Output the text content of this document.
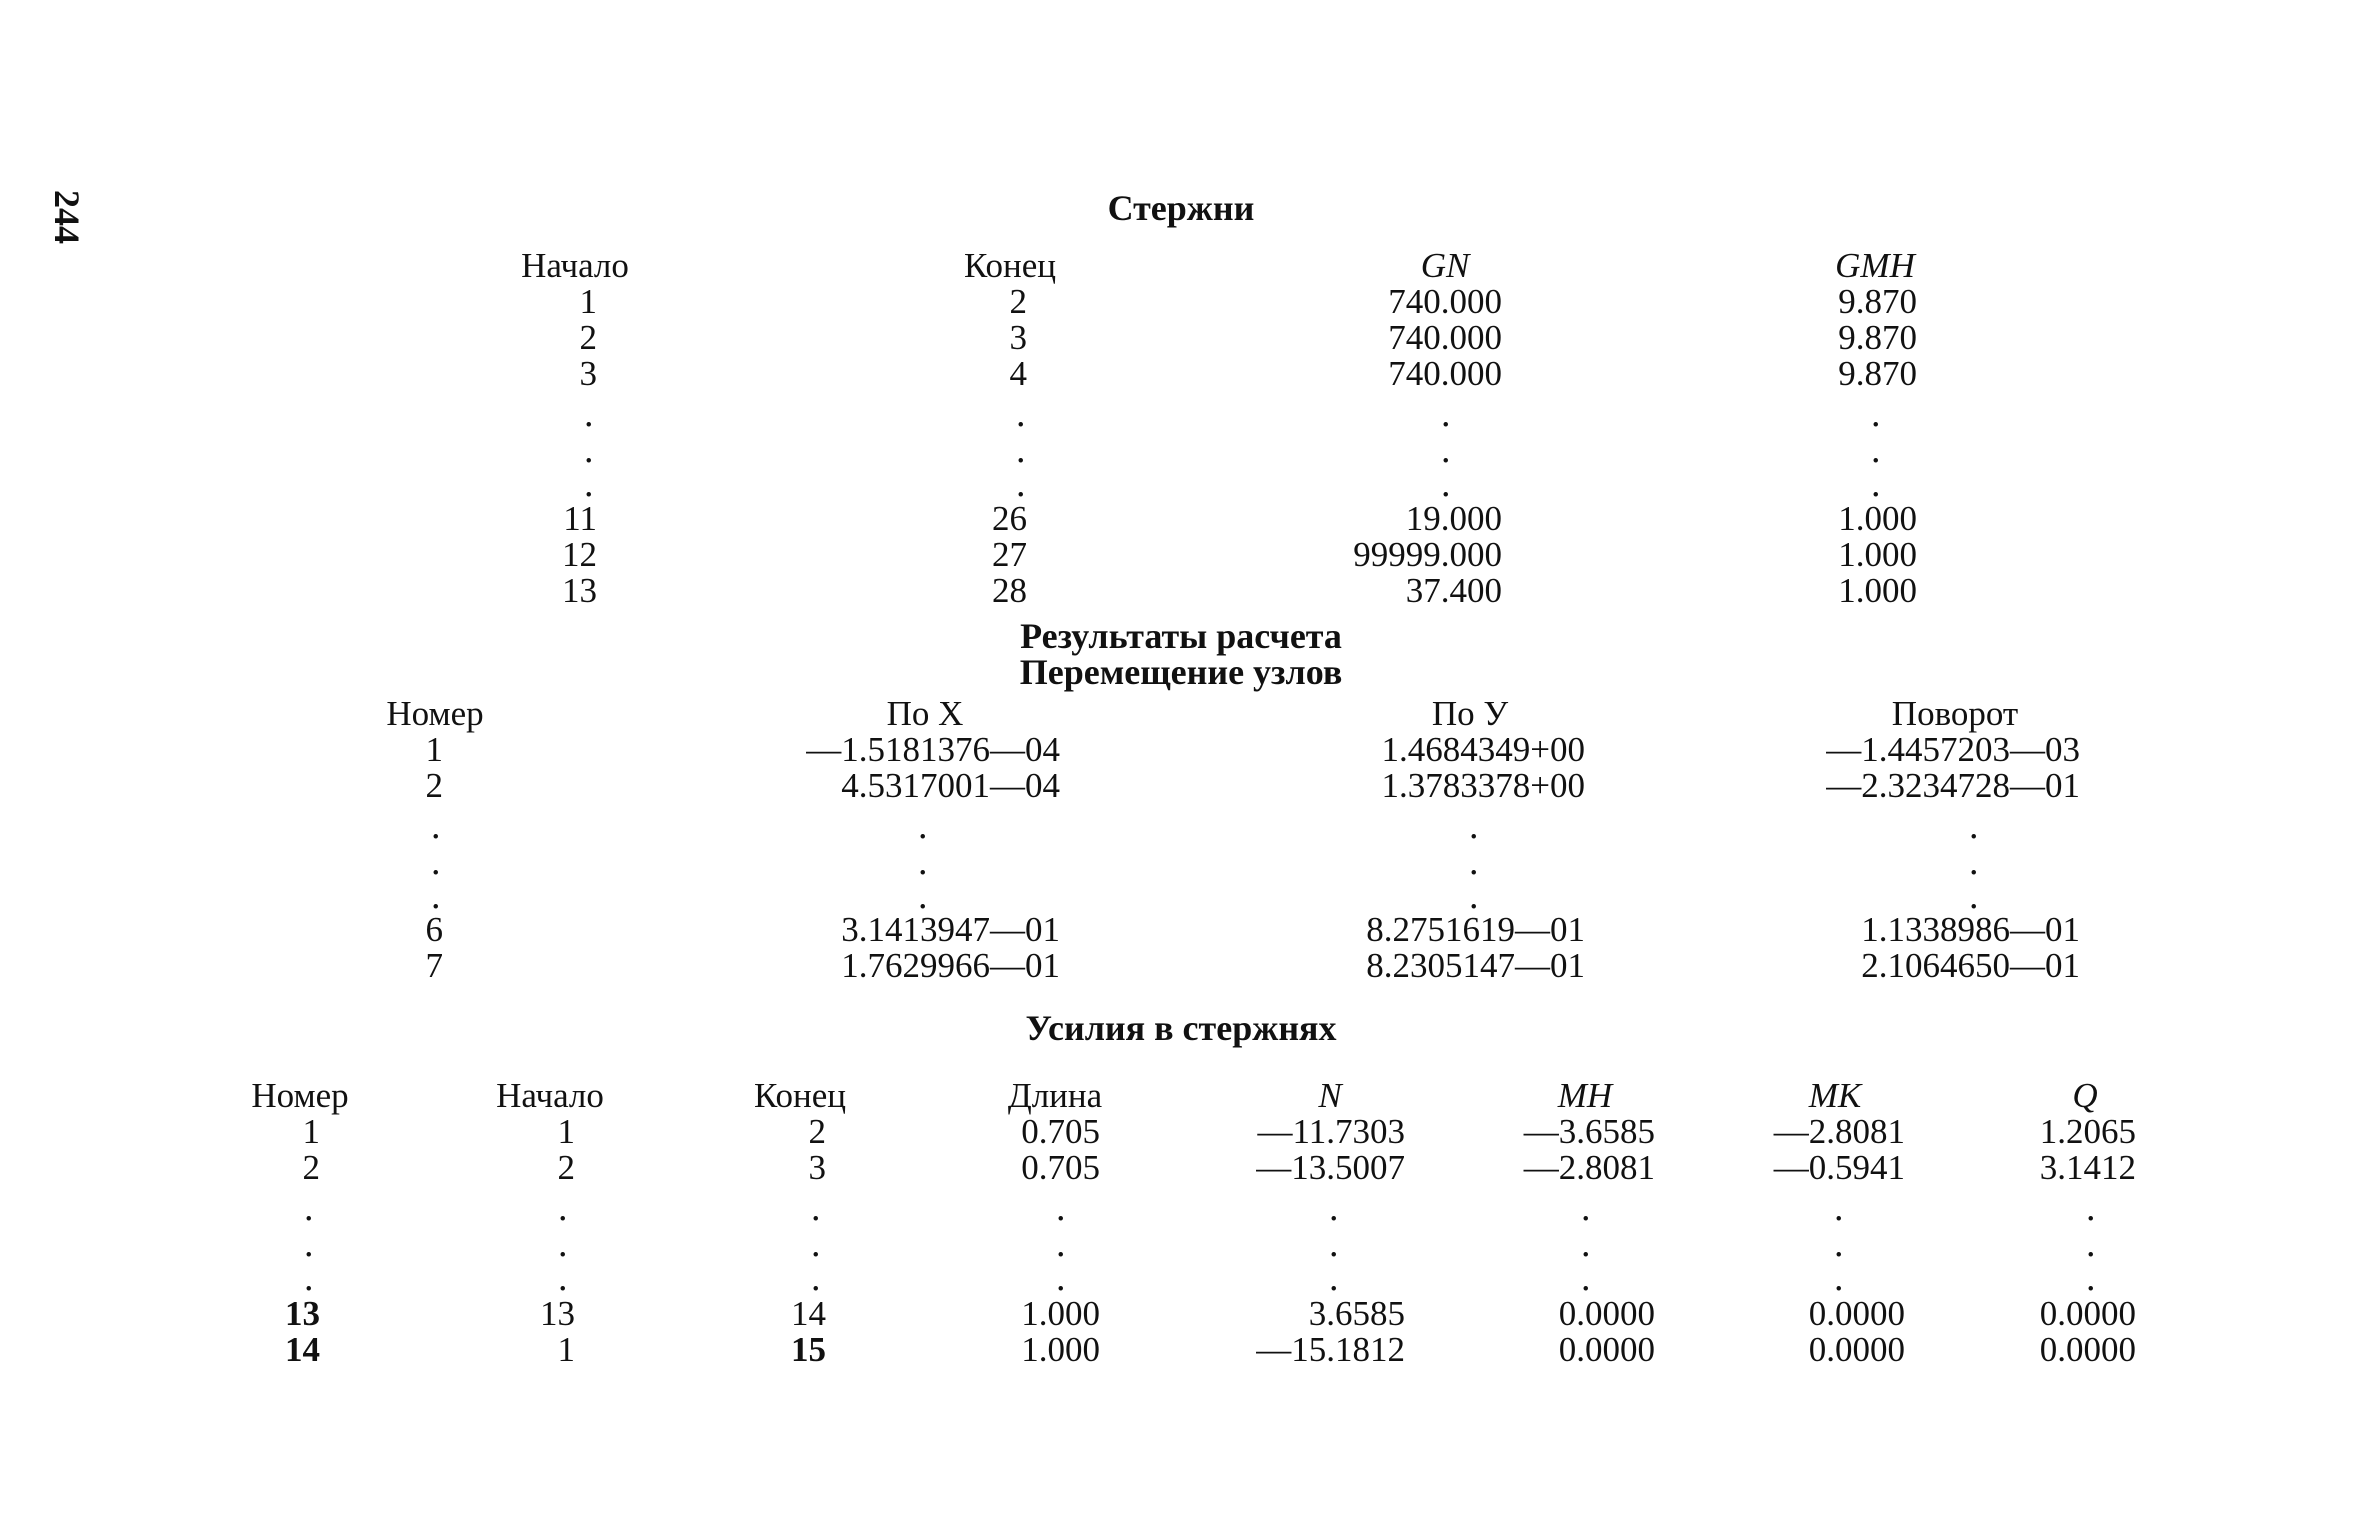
244	Стержни
Начало	Конец	GN	GMH
1	2	740.000	9.870
2	3	740.000	9.870
3	4	740.000	9.870
11	26	19.000	1.000
12	27	99999.000	1.000
13	28	37.400	1.000
Результаты расчета
Перемещение узлов
Номер	По X	По У	Поворот
1	—1.5181376—04	1.4684349+00	—1.4457203—03
2	4.5317001—04	1.3783378+00	—2.3234728—01
6	3.1413947—01	8.2751619—01	1.1338986—01
7	1.7629966—01	8.2305147—01	2.1064650—01
Усилия в стержнях
Номер	Начало	Конец	Длина	N	MH	MK	Q
1	1	2	0.705	—11.7303	—3.6585	—2.8081	1.2065
2	2	3	0.705	—13.5007	—2.8081	—0.5941	3.1412
13	13	14	1.000	3.6585	0.0000	0.0000	0.0000
14	1	15	1.000	—15.1812	0.0000	0.0000	0.0000
